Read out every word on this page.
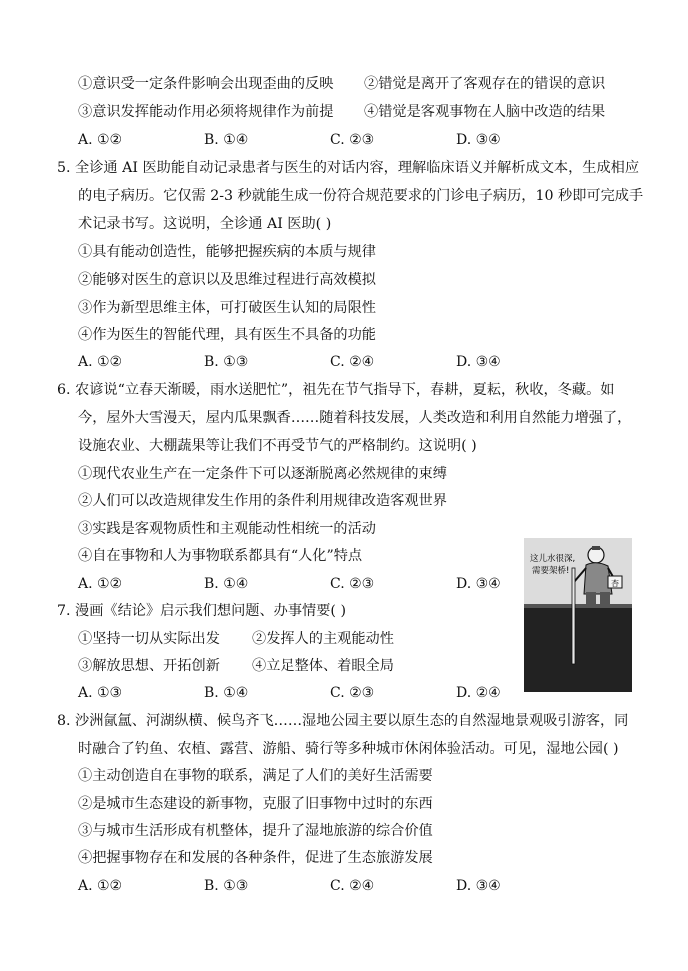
①意识受一定条件影响会出现歪曲的反映 ②错觉是离开了客观存在的错误的意识
③意识发挥能动作用必须将规律作为前提 ④错觉是客观事物在人脑中改造的结果
A. ①②	B. ①④	C. ②③	D. ③④
5. 全诊通 AI 医助能自动记录患者与医生的对话内容，理解临床语义并解析成文本，生成相应
的电子病历。它仅需 2-3 秒就能生成一份符合规范要求的门诊电子病历，10 秒即可完成手
术记录书写。这说明，全诊通 AI 医助( )
①具有能动创造性，能够把握疾病的本质与规律
②能够对医生的意识以及思维过程进行高效模拟
③作为新型思维主体，可打破医生认知的局限性
④作为医生的智能代理，具有医生不具备的功能
A. ①②	B. ①③	C. ②④	D. ③④
6. 农谚说“立春天渐暖，雨水送肥忙”，祖先在节气指导下，春耕，夏耘，秋收，冬藏。如
今，屋外大雪漫天，屋内瓜果飘香……随着科技发展，人类改造和利用自然能力增强了，
设施农业、大棚蔬果等让我们不再受节气的严格制约。这说明( )
①现代农业生产在一定条件下可以逐渐脱离必然规律的束缚
②人们可以改造规律发生作用的条件利用规律改造客观世界
③实践是客观物质性和主观能动性相统一的活动
④自在事物和人为事物联系都具有“人化”特点
A. ①②	B. ①④	C. ②③	D. ③④
7. 漫画《结论》启示我们想问题、办事情要( )
①坚持一切从实际出发 ②发挥人的主观能动性
③解放思想、开拓创新 ④立足整体、着眼全局
A. ①③	B. ①④	C. ②③	D. ②④
这儿水很深,
需要架桥!
杏
8. 沙洲氤氲、河湖纵横、候鸟齐飞……湿地公园主要以原生态的自然湿地景观吸引游客，同
时融合了钓鱼、农植、露营、游船、骑行等多种城市休闲体验活动。可见，湿地公园( )
①主动创造自在事物的联系，满足了人们的美好生活需要
②是城市生态建设的新事物，克服了旧事物中过时的东西
③与城市生活形成有机整体，提升了湿地旅游的综合价值
④把握事物存在和发展的各种条件，促进了生态旅游发展
A. ①②	B. ①③	C. ②④	D. ③④
